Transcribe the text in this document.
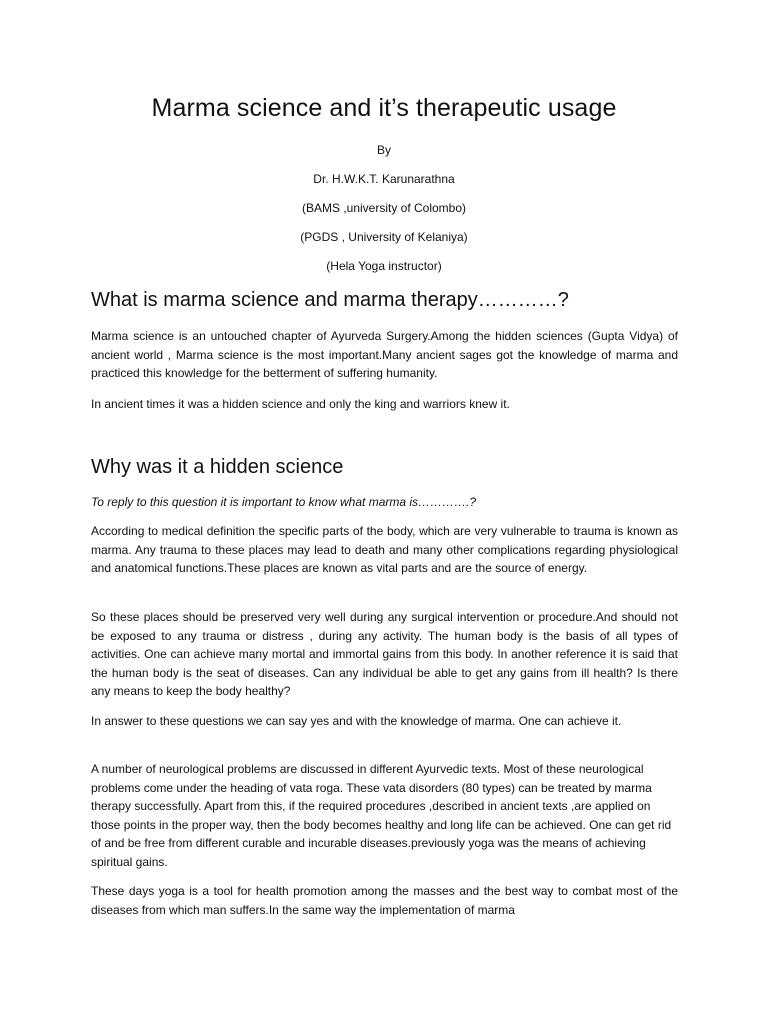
Marma science and it’s therapeutic usage
By
Dr. H.W.K.T. Karunarathna
(BAMS ,university of Colombo)
(PGDS , University of Kelaniya)
(Hela Yoga instructor)
What is marma science and marma therapy…………?
Marma science is an untouched chapter of Ayurveda Surgery.Among the hidden sciences (Gupta Vidya) of ancient world , Marma science is the most important.Many ancient sages got the knowledge of marma and practiced this knowledge for the betterment of suffering humanity.
In ancient times it was a hidden science and only the king and warriors knew it.
Why was it a hidden science
To reply to this question it is important to know what marma is………….?
According to medical definition the specific parts of the body, which are very vulnerable to trauma is known as marma. Any trauma to these places may lead to death and many other complications regarding physiological and anatomical functions.These places are known as vital parts and are the source of energy.
So these places should be preserved very well during any surgical intervention or procedure.And should not be exposed to any trauma or distress , during any activity. The human body is the basis of all types of activities. One can achieve many mortal and immortal gains from this body. In another reference it is said that the human body is the seat of diseases. Can any individual be able to get any gains from ill health? Is there any means to keep the body healthy?
In answer to these questions we can say yes and with the knowledge of marma. One can achieve it.
A number of neurological problems are discussed in different Ayurvedic texts. Most of these neurological problems come under the heading of vata roga. These vata disorders (80 types) can be treated by marma therapy successfully. Apart from this, if the required procedures ,described in ancient texts ,are applied on those points in the proper way, then the body becomes healthy and long life can be achieved. One can get rid of and be free from different curable and incurable diseases.previously yoga was the means of achieving spiritual gains.
These days yoga is a tool for health promotion among the masses and the best way to combat most of the diseases from which man suffers.In the same way the implementation of marma
